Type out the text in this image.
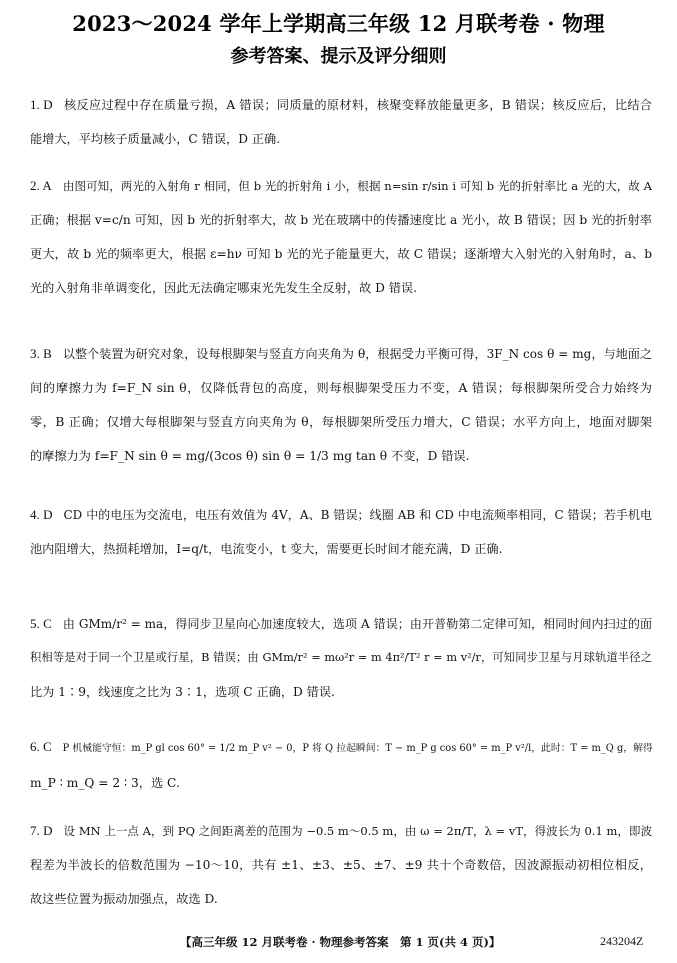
2023～2024 学年上学期高三年级 12 月联考卷 · 物理
参考答案、提示及评分细则
1. D 核反应过程中存在质量亏损，A 错误；同质量的原材料，核聚变释放能量更多，B 错误；核反应后，比结合
能增大，平均核子质量减小，C 错误，D 正确.
2. A 由图可知，两光的入射角 r 相同，但 b 光的折射角 i 小，根据 n=sin r/sin i 可知 b 光的折射率比 a 光的大，故 A
正确；根据 v=c/n 可知，因 b 光的折射率大，故 b 光在玻璃中的传播速度比 a 光小，故 B 错误；因 b 光的折射率
更大，故 b 光的频率更大，根据 ε=hν 可知 b 光的光子能量更大，故 C 错误；逐渐增大入射光的入射角时，a、b
光的入射角非单调变化，因此无法确定哪束光先发生全反射，故 D 错误.
3. B 以整个装置为研究对象，设每根脚架与竖直方向夹角为 θ，根据受力平衡可得，3F_N cos θ = mg，与地面之
间的摩擦力为 f=F_N sin θ，仅降低背包的高度，则每根脚架受压力不变，A 错误；每根脚架所受合力始终为
零，B 正确；仅增大每根脚架与竖直方向夹角为 θ，每根脚架所受压力增大，C 错误；水平方向上，地面对脚架
的摩擦力为 f=F_N sin θ = mg/(3cos θ) sin θ = 1/3 mg tan θ 不变，D 错误.
4. D CD 中的电压为交流电，电压有效值为 4V，A、B 错误；线圈 AB 和 CD 中电流频率相同，C 错误；若手机电
池内阻增大，热损耗增加，I=q/t，电流变小，t 变大，需要更长时间才能充满，D 正确.
5. C 由 GMm/r² = ma，得同步卫星向心加速度较大，选项 A 错误；由开普勒第二定律可知，相同时间内扫过的面
积相等是对于同一个卫星或行星，B 错误；由 GMm/r² = mω²r = m 4π²/T² r = m v²/r，可知同步卫星与月球轨道半径之
比为 1∶9，线速度之比为 3∶1，选项 C 正确，D 错误.
6. C P 机械能守恒：m_P gl cos 60° = 1/2 m_P v² − 0，P 将 Q 拉起瞬间：T − m_P g cos 60° = m_P v²/l，此时：T = m_Q g，解得
m_P ∶ m_Q = 2 ∶ 3，选 C.
7. D 设 MN 上一点 A，到 PQ 之间距离差的范围为 −0.5 m～0.5 m，由 ω = 2π/T，λ = vT，得波长为 0.1 m，即波
程差为半波长的倍数范围为 −10～10，共有 ±1、±3、±5、±7、±9 共十个奇数倍，因波源振动初相位相反，
故这些位置为振动加强点，故选 D.
【高三年级 12 月联考卷 · 物理参考答案　第 1 页(共 4 页)】	243204Z
